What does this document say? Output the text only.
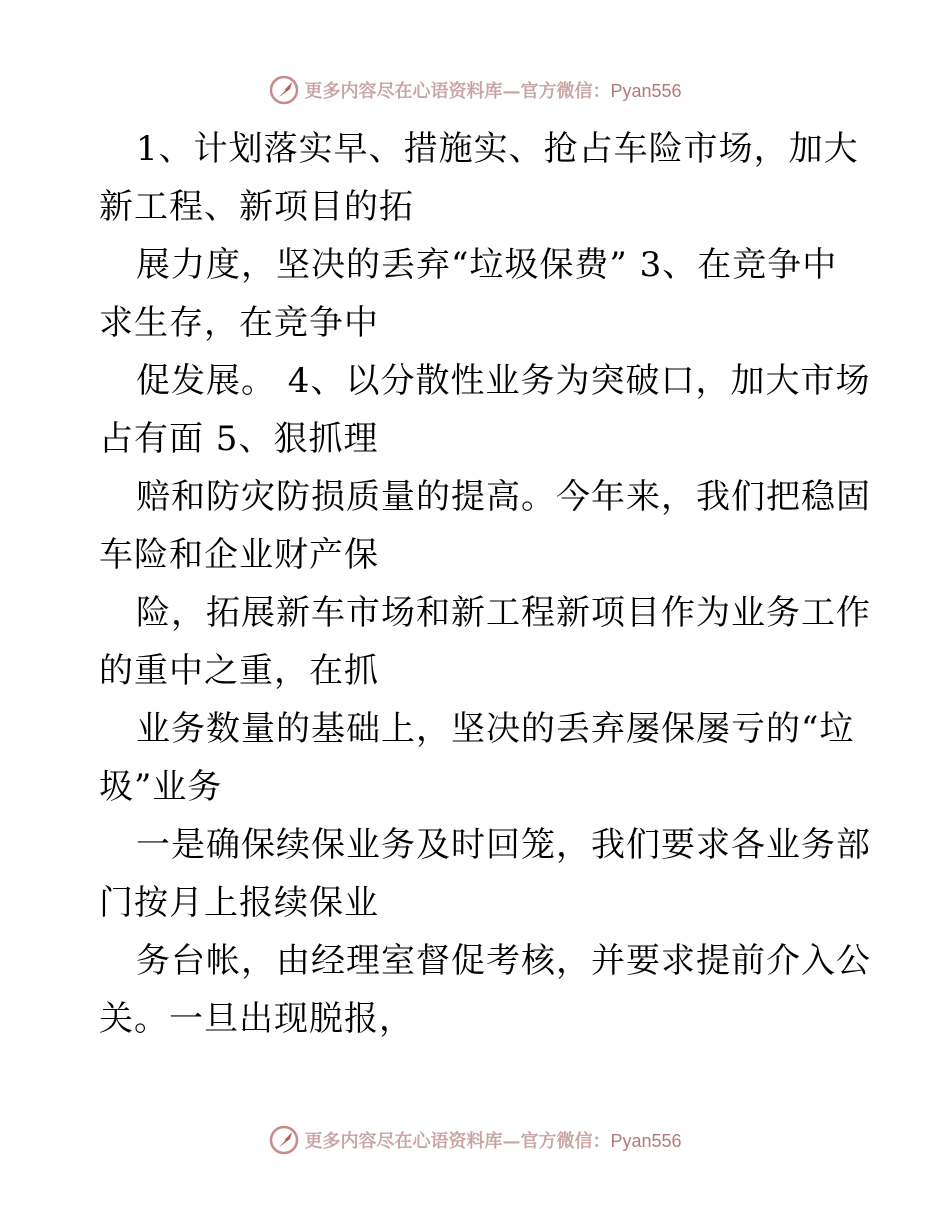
更多内容尽在心语资料库—官方微信：Pyan556
1、计划落实早、措施实、抢占车险市场，加大
新工程、新项目的拓
展力度，坚决的丢弃“垃圾保费” 3、在竞争中
求生存，在竞争中
促发展。 4、以分散性业务为突破口，加大市场
占有面 5、狠抓理
赔和防灾防损质量的提高。今年来，我们把稳固
车险和企业财产保
险，拓展新车市场和新工程新项目作为业务工作
的重中之重，在抓
业务数量的基础上，坚决的丢弃屡保屡亏的“垃
圾”业务
一是确保续保业务及时回笼，我们要求各业务部
门按月上报续保业
务台帐，由经理室督促考核，并要求提前介入公
关。一旦出现脱报，
更多内容尽在心语资料库—官方微信：Pyan556
